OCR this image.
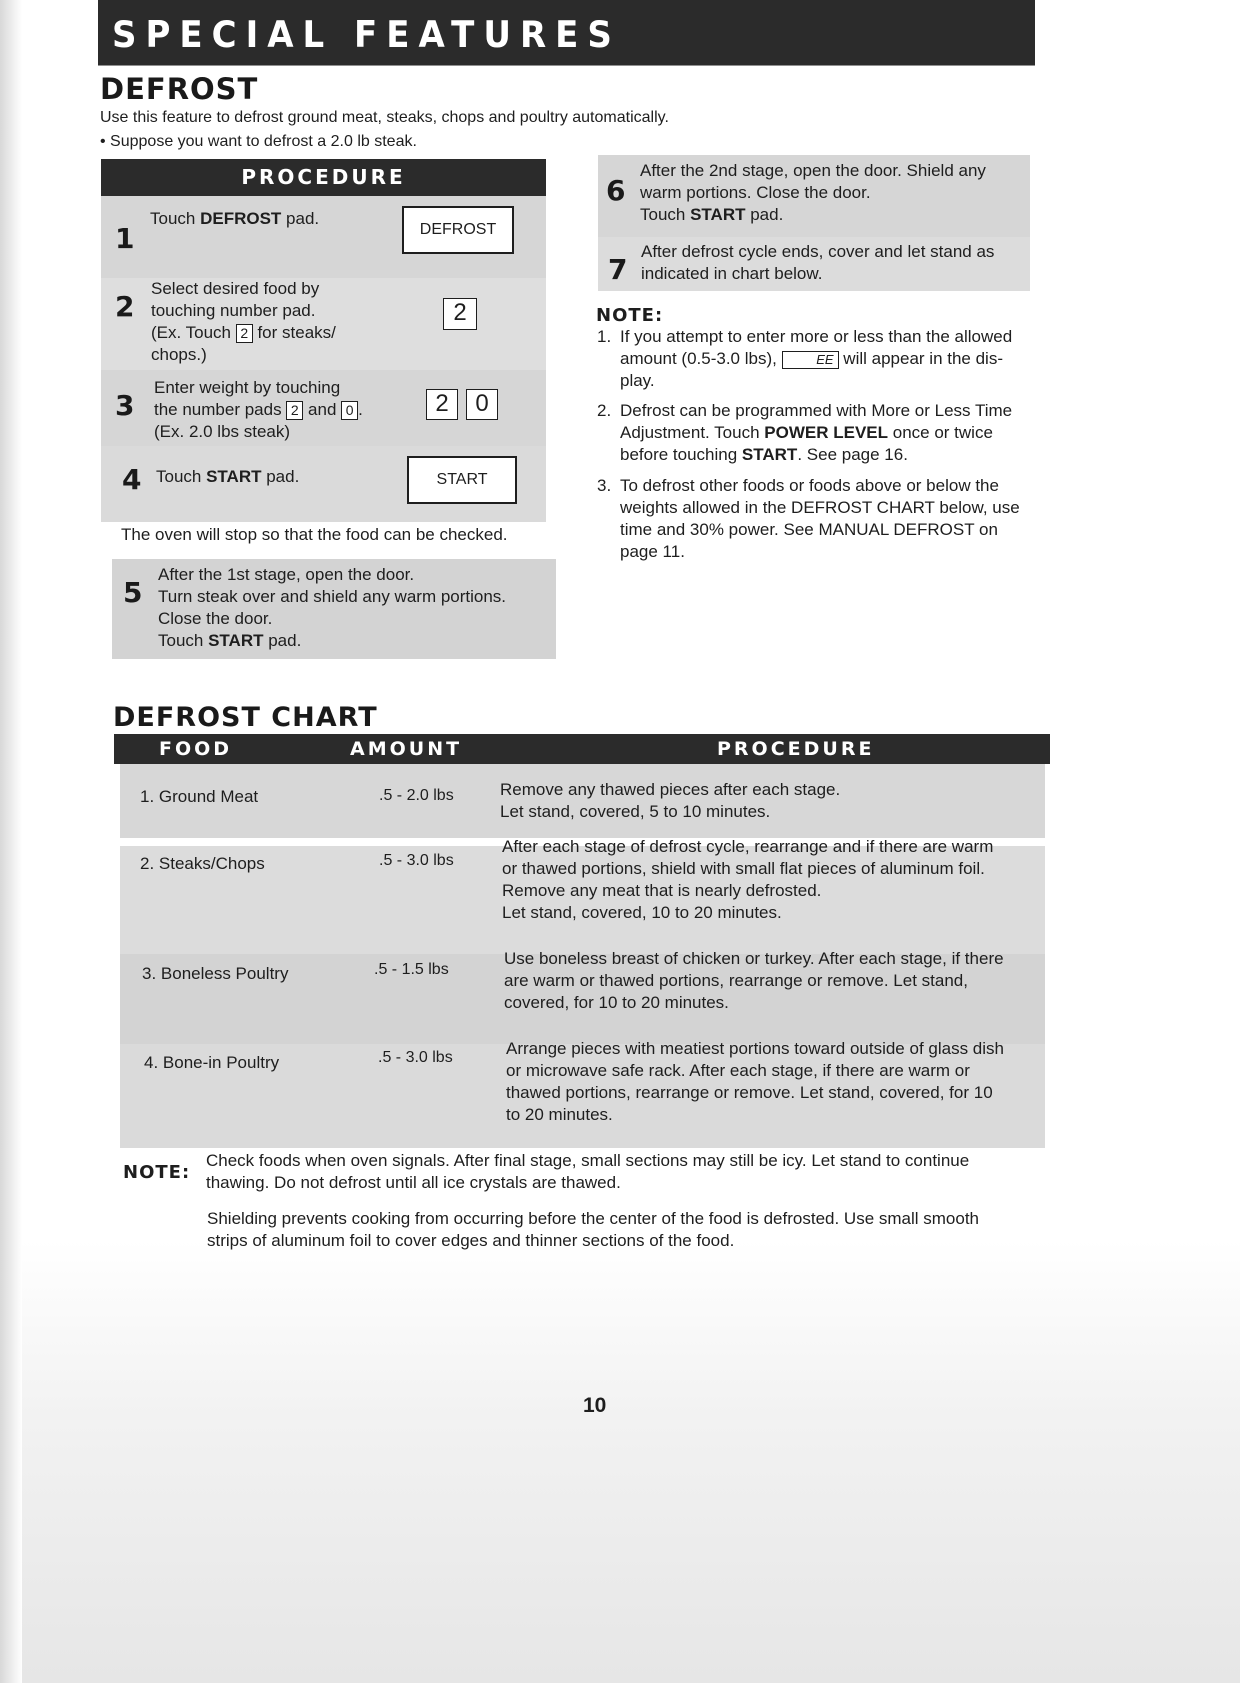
SPECIAL FEATURES
DEFROST
Use this feature to defrost ground meat, steaks, chops and poultry automatically.
• Suppose you want to defrost a 2.0 lb steak.
PROCEDURE
1
Touch DEFROST pad.
DEFROST
2
Select desired food by
touching number pad.
(Ex. Touch 2 for steaks/
chops.)
2
3
Enter weight by touching
the number pads 2 and 0 .
(Ex. 2.0 lbs steak)
2	0
4 Touch START pad.	START
The oven will stop so that the food can be checked.
5
After the 1st stage, open the door.
Turn steak over and shield any warm portions.
Close the door.
Touch START pad.
6
After the 2nd stage, open the door. Shield any
warm portions. Close the door.
Touch START pad.
7
After defrost cycle ends, cover and let stand as
indicated in chart below.
NOTE:
1. If you attempt to enter more or less than the allowed
amount (0.5-3.0 lbs),	EE will appear in the dis-
play.
2. Defrost can be programmed with More or Less Time
Adjustment. Touch POWER LEVEL once or twice
before touching START. See page 16.
3. To defrost other foods or foods above or below the
weights allowed in the DEFROST CHART below, use
time and 30% power. See MANUAL DEFROST on
page 11.
DEFROST CHART
FOOD	AMOUNT	PROCEDURE
1. Ground Meat	.5 - 2.0 lbs	Remove any thawed pieces after each stage.
Let stand, covered, 5 to 10 minutes.
2. Steaks/Chops	.5 - 3.0 lbs
After each stage of defrost cycle, rearrange and if there are warm
or thawed portions, shield with small flat pieces of aluminum foil.
Remove any meat that is nearly defrosted.
Let stand, covered, 10 to 20 minutes.
3. Boneless Poultry	.5 - 1.5 lbs
Use boneless breast of chicken or turkey. After each stage, if there
are warm or thawed portions, rearrange or remove. Let stand,
covered, for 10 to 20 minutes.
4. Bone-in Poultry	.5 - 3.0 lbs	Arrange pieces with meatiest portions toward outside of glass dish
or microwave safe rack. After each stage, if there are warm or
thawed portions, rearrange or remove. Let stand, covered, for 10
to 20 minutes.
NOTE:
Check foods when oven signals. After final stage, small sections may still be icy. Let stand to continue
thawing. Do not defrost until all ice crystals are thawed.
Shielding prevents cooking from occurring before the center of the food is defrosted. Use small smooth
strips of aluminum foil to cover edges and thinner sections of the food.
10
